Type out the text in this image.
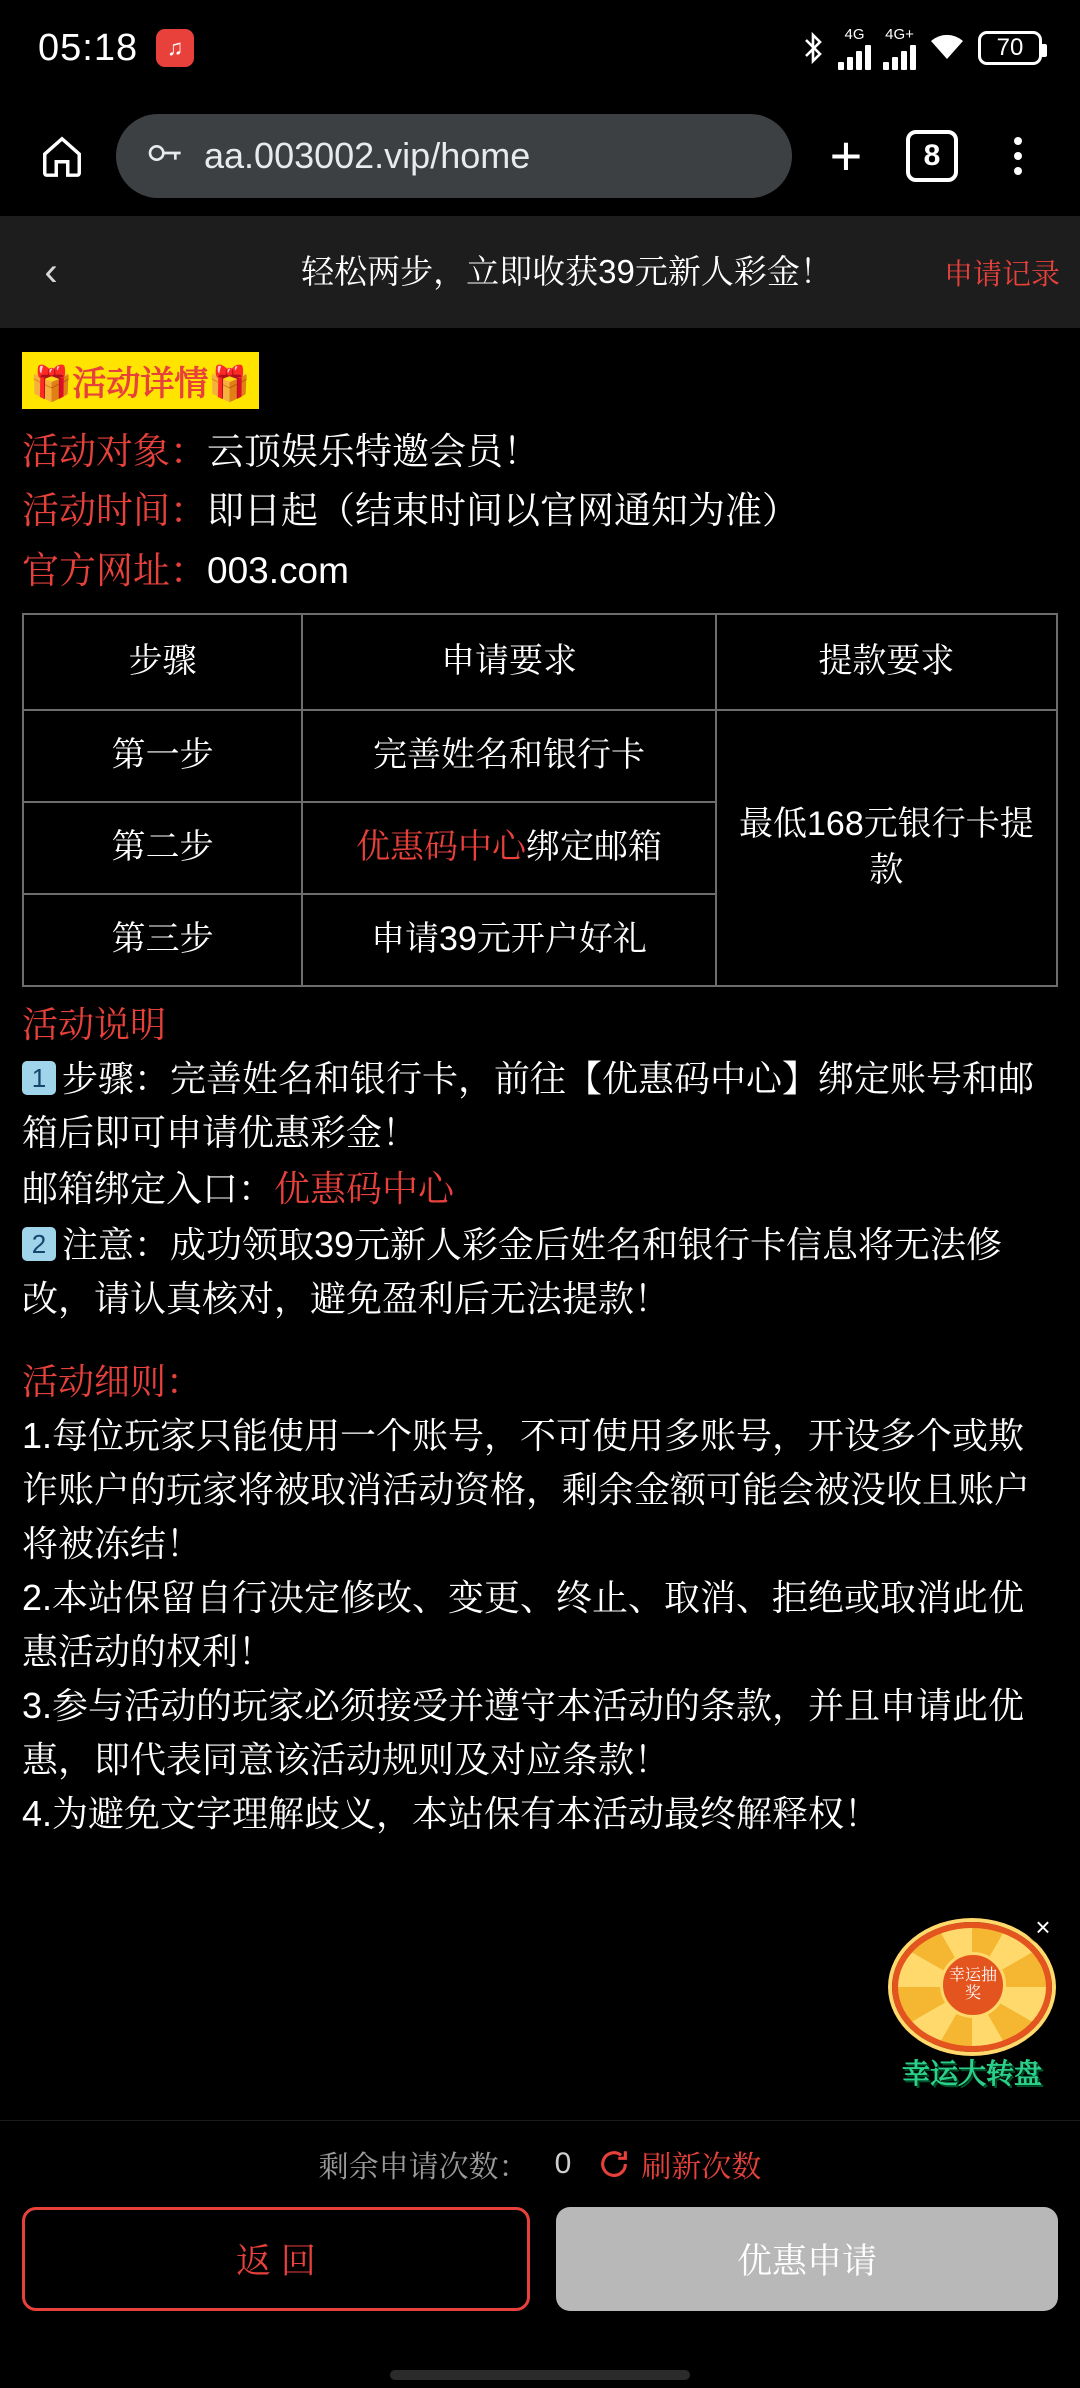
05:18	♫
4G 4G+	70
aa.003002.vip/home	+	8
‹	轻松两步，立即收获39元新人彩金！	申请记录
🎁活动详情🎁
活动对象：云顶娱乐特邀会员！
活动时间：即日起（结束时间以官网通知为准）
官方网址：003.com
步骤	申请要求	提款要求
第一步	完善姓名和银行卡	最低168元银行卡提款
第二步	优惠码中心绑定邮箱	
第三步	申请39元开户好礼	
活动说明
1 步骤：完善姓名和银行卡，前往【优惠码中心】绑定账号和邮箱后即可申请优惠彩金！
邮箱绑定入口：优惠码中心
2 注意：成功领取39元新人彩金后姓名和银行卡信息将无法修改，请认真核对，避免盈利后无法提款！
活动细则：
1.每位玩家只能使用一个账号，不可使用多账号，开设多个或欺诈账户的玩家将被取消活动资格，剩余金额可能会被没收且账户将被冻结！
2.本站保留自行决定修改、变更、终止、取消、拒绝或取消此优惠活动的权利！
3.参与活动的玩家必须接受并遵守本活动的条款，并且申请此优惠，即代表同意该活动规则及对应条款！
4.为避免文字理解歧义，本站保有本活动最终解释权！
×
幸运抽奖
幸运大转盘
剩余申请次数： 0 刷新次数
返 回	优惠申请
